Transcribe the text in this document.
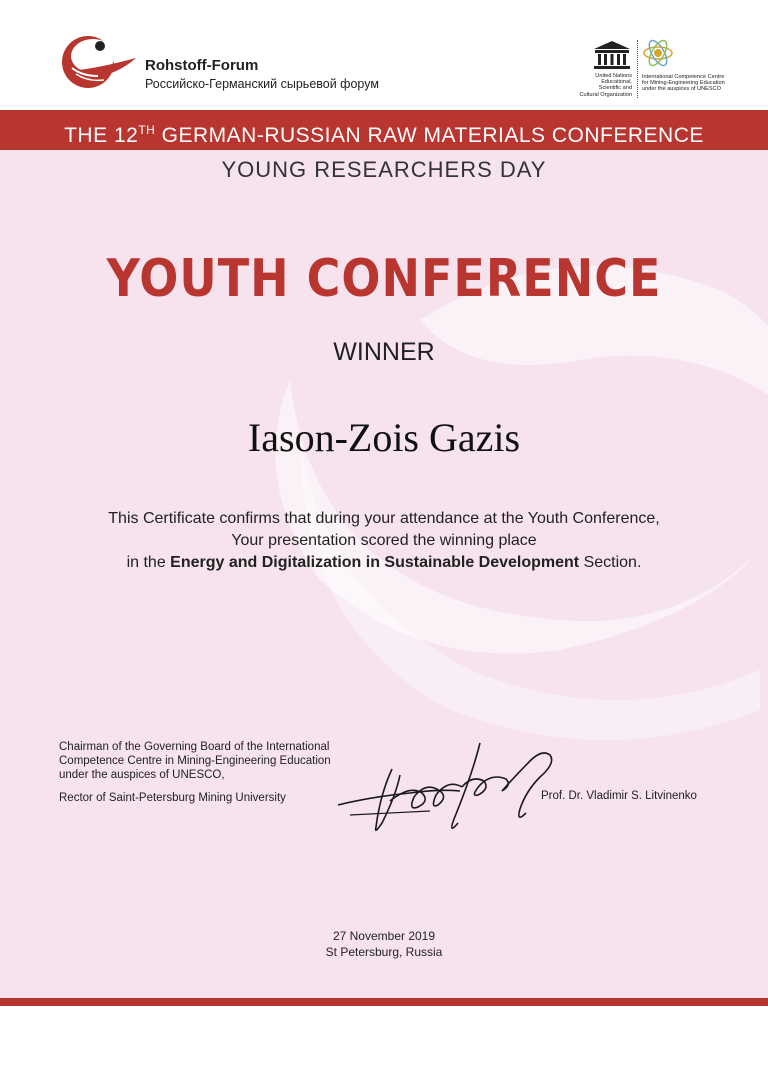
Rohstoff-Forum
Российско-Германский сырьевой форум
United Nations
Educational, Scientific and
Cultural Organization
International Competence Centre
for Mining-Engineering Education
under the auspices of UNESCO
THE 12TH GERMAN-RUSSIAN RAW MATERIALS CONFERENCE
YOUNG RESEARCHERS DAY
YOUTH CONFERENCE
WINNER
Iason-Zois Gazis
This Certificate confirms that during your attendance at the Youth Conference,
Your presentation scored the winning place
in the Energy and Digitalization in Sustainable Development Section.
Chairman of the Governing Board of the International
Competence Centre in Mining-Engineering Education
under the auspices of UNESCO,
Rector of Saint-Petersburg Mining University	Prof. Dr. Vladimir S. Litvinenko
27 November 2019
St Petersburg, Russia
